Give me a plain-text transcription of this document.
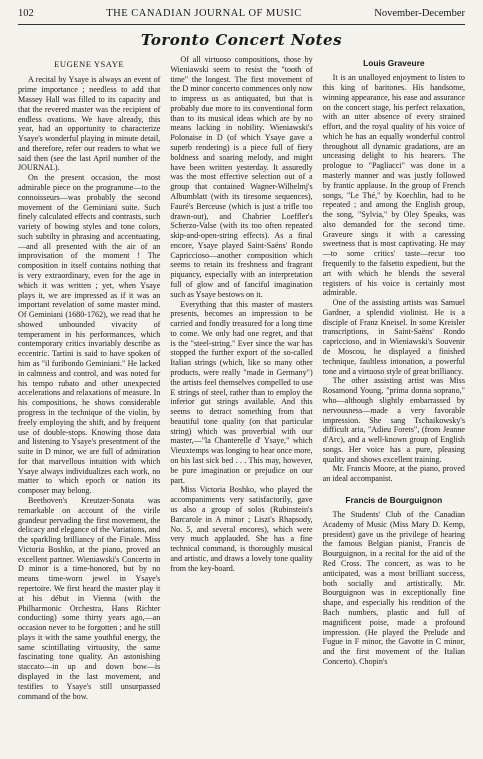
102	THE CANADIAN JOURNAL OF MUSIC	November-December
Toronto Concert Notes
EUGENE YSAYE

A recital by Ysaye is always an event of prime importance ; needless to add that Massey Hall was filled to its capacity and that the revered master was the recipient of endless ovations. We have already, this year, had an opportunity to characterize Ysaye's wonderful playing in minute detail, and therefore, refer our readers to what we said then (see the last April number of the JOURNAL).

On the present occasion, the most admirable piece on the programme—to the connoisseurs—was probably the second movement of the Geminiani suite. Such finely calculated effects and contrasts, such variety of bowing styles and tone colors, such subtilty in phrasing and accentuating,—and all presented with the air of an improvisation of the moment ! The composition in itself contains nothing that is very extraordinary, even for the age in which it was written ; yet, when Ysaye plays it, we are impressed as if it was an important revelation of some master mind. Of Geminiani (1680-1762), we read that he showed unbounded vivacity of temperament in his performances, which contemporary critics invariably describe as eccentric. Tartini is said to have spoken of him as "il furibondo Geminiani." He lacked in calmness and control, and was noted for his tempo rubato and other unexpected accelerations and relaxations of measure. In his compositions, he shows considerable progress in the technique of the violin, by freely employing the shift, and by frequent use of double-stops. Knowing those data and listening to Ysaye's presentment of the suite in D minor, we are full of admiration for that marvellous intuition with which Ysaye always individualizes each work, no matter to which epoch or nation its composer may belong.

Beethoven's Kreutzer-Sonata was remarkable on account of the virile grandeur pervading the first movement, the delicacy and elegance of the Variations, and the sparkling brilliancy of the Finale. Miss Victoria Boshko, at the piano, proved an excellent partner. Wieniawski's Concerto in D minor is a time-honored, but by no means time-worn jewel in Ysaye's repertoire. We first heard the master play it at his début in Vienna (with the Philharmonic Orchestra, Hans Richter conducting) some thirty years ago,—an occasion never to be forgotten ; and he still plays it with the same youthful energy, the same scintillating virtuosity, the same fascinating tone quality. An astonishing staccato—in up and down bow—is displayed in the last movement, and testifies to Ysaye's still unsurpassed command of the bow.

Of all virtuoso compositions, those by Wieniawski seem to resist the "tooth of time" the longest. The first movement of the D minor concerto commences only now to impress us as antiquated, but that is probably due more to its conventional form than to its musical ideas which are by no means lacking in nobility. Wieniawski's Polonaise in D (of which Ysaye gave a superb rendering) is a piece full of fiery boldness and soaring melody, and might have been written yesterday. It assuredly was the most effective selection out of a group that contained Wagner-Wilhelmj's Albumblatt (with its tiresome sequences), Fauré's Berceuse (which is just a trifle too drawn-out), and Chabrier Loeffler's Scherzo-Valse (with its too often repeated skip-and-open-string effects). As a final encore, Ysaye played Saint-Saëns' Rondo Capriccioso—another composition which seems to retain its freshness and fragrant piquancy, especially with an interpretation full of glow and of fanciful imagination such as Ysaye bestows on it.

Everything that this master of masters presents, becomes an impression to be carried and fondly treasured for a long time to come. We only had one regret, and that is the "steel-string." Ever since the war has stopped the further export of the so-called Italian strings (which, like so many other products, were really "made in Germany") the artists feel themselves compelled to use E strings of steel, rather than to employ the inferior gut strings available. And this seems to detract something from that beautiful tone quality (on that particular string) which was proverbial with our master,—"la Chanterelle d' Ysaye," which Vieuxtemps was longing to hear once more, on his last sick bed . . . This may, however, be pure imagination or prejudice on our part.

Miss Victoria Boshko, who played the accompaniments very satisfactorily, gave us also a group of solos (Rubinstein's Barcarole in A minor ; Liszt's Rhapsody, No. 5, and several encores), which were very much applauded. She has a fine technical command, is thoroughly musical and artistic, and draws a lovely tone quality from the key-board.

Louis Graveure

It is an unalloyed enjoyment to listen to this king of baritones. His handsome, winning appearance, his ease and assurance on the concert stage, his perfect relaxation, with an utter absence of every strained effort, and the royal quality of his voice of which he has an equally wonderful control throughout all dynamic gradations, are an unceasing delight to his hearers. The prologue to "Pagliacci" was done in a masterly manner and was justly followed by frantic applause. In the group of French songs, "Le Thé," by Koechlin, had to be repeated ; and among the English group, the song, "Sylvia," by Oley Speaks, was also demanded for the second time. Graveure sings it with a caressing sweetness that is most captivating. He may—to some critics' taste—recur too frequently to the falsetto expedient, but the art with which he blends the several registers of his voice is certainly most admirable.

One of the assisting artists was Samuel Gardner, a splendid violinist. He is a disciple of Franz Kneisel. In some Kreisler transcriptions, in Saint-Saëns' Rondo capriccioso, and in Wieniawski's Souvenir de Moscou, he displayed a finished technique, faultless intonation, a powerful tone and a virtuoso style of great brilliancy.

The other assisting artist was Miss Rosamond Young, "prima donna soprano," who—although slightly embarrassed by nervousness—made a very favorable impression. She sang Tschaikowsky's difficult aria, "Adieu Forets", (from Jeanne d'Arc), and a well-known group of English songs. Her voice has a pure, pleasing quality and shows excellent training.

Mr. Francis Moore, at the piano, proved an ideal accompanist.

Francis de Bourguignon

The Students' Club of the Canadian Academy of Music (Miss Mary D. Kemp, president) gave us the privilege of hearing the famous Belgian pianist, Francis de Bourguignon, in a recital for the aid of the Red Cross. The concert, as was to be anticipated, was a most brilliant success, both socially and artistically. Mr. Bourguignon was in exceptionally fine shape, and especially his rendition of the Bach numbers, plastic and full of magnificent poise, made a profound impression. (He played the Prelude and Fugue in F minor, the Gavotte in C minor, and the first movement of the Italian Concerto). Chopin's
